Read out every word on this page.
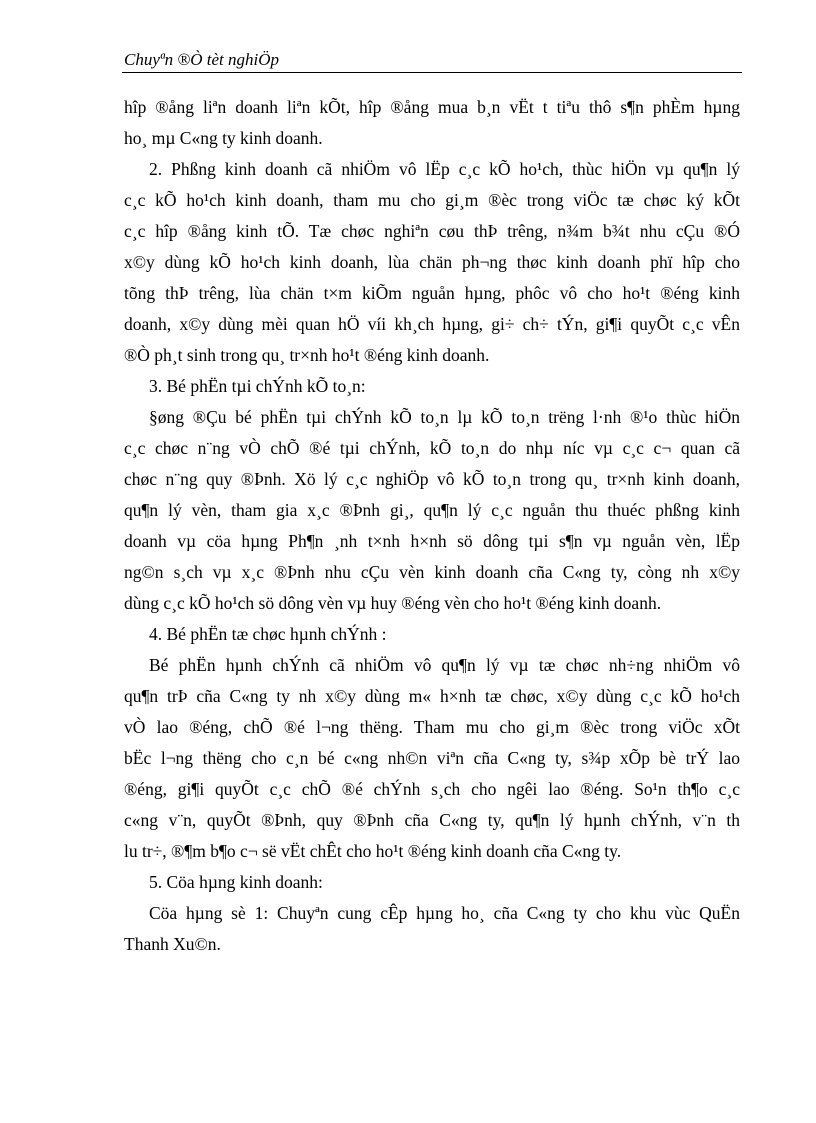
Chuyªn ®Ò tèt nghiÖp
hîp ®ång liªn doanh liªn kÕt, hîp ®ång mua b¸n vËt t tiªu thô s¶n phÈm hµng
ho¸ mµ C«ng ty kinh doanh.
2. Phßng kinh doanh cã nhiÖm vô lËp c¸c kÕ ho¹ch, thùc hiÖn vµ qu¶n lý
c¸c kÕ ho¹ch kinh doanh, tham mu cho gi¸m ®èc trong viÖc tæ chøc ký kÕt
c¸c hîp ®ång kinh tÕ. Tæ chøc nghiªn cøu thÞ trêng, n¾m b¾t nhu cÇu ®Ó
x©y dùng kÕ ho¹ch kinh doanh, lùa chän ph¬ng thøc kinh doanh phï hîp cho
tõng thÞ trêng, lùa chän t×m kiÕm nguån hµng, phôc vô cho ho¹t ®éng kinh
doanh, x©y dùng mèi quan hÖ víi kh¸ch hµng, gi÷ ch÷ tÝn, gi¶i quyÕt c¸c vÊn
®Ò ph¸t sinh trong qu¸ tr×nh ho¹t ®éng kinh doanh.
3. Bé phËn tµi chÝnh kÕ to¸n:
§øng ®Çu bé phËn tµi chÝnh kÕ to¸n lµ kÕ to¸n trëng l·nh ®¹o thùc hiÖn
c¸c chøc n¨ng vÒ chÕ ®é tµi chÝnh, kÕ to¸n do nhµ níc vµ c¸c c¬ quan cã
chøc n¨ng quy ®Þnh. Xö lý c¸c nghiÖp vô kÕ to¸n trong qu¸ tr×nh kinh doanh,
qu¶n lý vèn, tham gia x¸c ®Þnh gi¸, qu¶n lý c¸c nguån thu thuéc phßng kinh
doanh vµ cöa hµng Ph¶n ¸nh t×nh h×nh sö dông tµi s¶n vµ nguån vèn, lËp
ng©n s¸ch vµ x¸c ®Þnh nhu cÇu vèn kinh doanh cña C«ng ty, còng nh x©y
dùng c¸c kÕ ho¹ch sö dông vèn vµ huy ®éng vèn cho ho¹t ®éng kinh doanh.
4. Bé phËn tæ chøc hµnh chÝnh :
Bé phËn hµnh chÝnh cã nhiÖm vô qu¶n lý vµ tæ chøc nh÷ng nhiÖm vô
qu¶n trÞ cña C«ng ty nh x©y dùng m« h×nh tæ chøc, x©y dùng c¸c kÕ ho¹ch
vÒ lao ®éng, chÕ ®é l¬ng thëng. Tham mu cho gi¸m ®èc trong viÖc xÕt
bËc l¬ng thëng cho c¸n bé c«ng nh©n viªn cña C«ng ty, s¾p xÕp bè trÝ lao
®éng, gi¶i quyÕt c¸c chÕ ®é chÝnh s¸ch cho ngêi lao ®éng. So¹n th¶o c¸c
c«ng v¨n, quyÕt ®Þnh, quy ®Þnh cña C«ng ty, qu¶n lý hµnh chÝnh, v¨n th
lu tr÷, ®¶m b¶o c¬ së vËt chÊt cho ho¹t ®éng kinh doanh cña C«ng ty.
5. Cöa hµng kinh doanh:
Cöa hµng sè 1: Chuyªn cung cÊp hµng ho¸ cña C«ng ty cho khu vùc QuËn
Thanh Xu©n.
